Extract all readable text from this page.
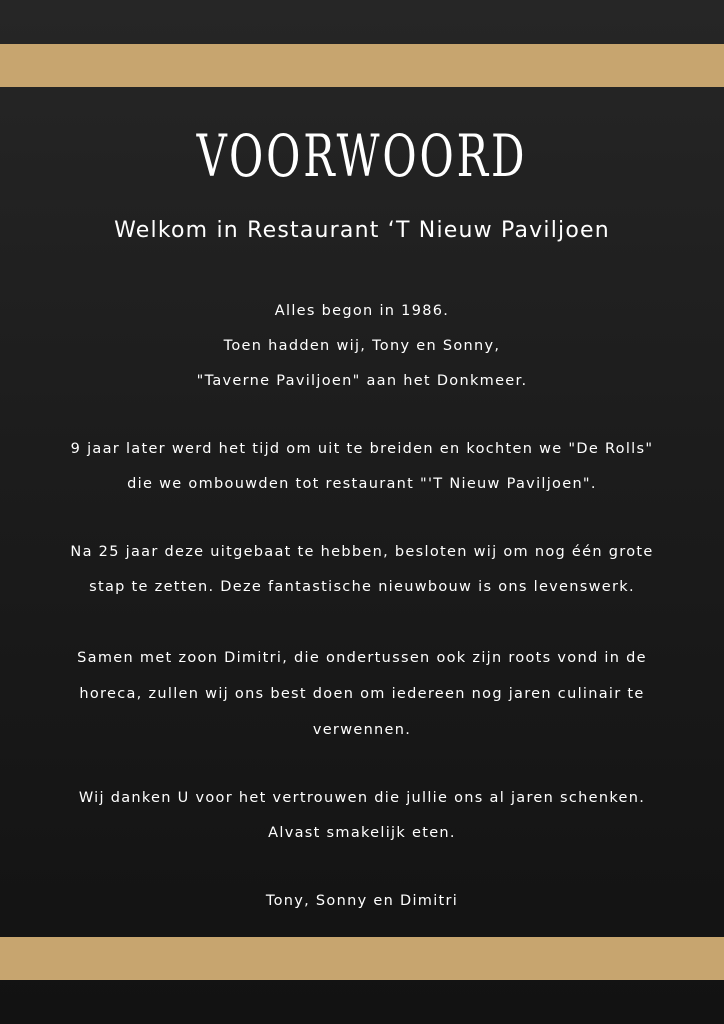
VOORWOORD
Welkom in Restaurant ‘T Nieuw Paviljoen

Alles begon in 1986.
Toen hadden wij, Tony en Sonny,
"Taverne Paviljoen" aan het Donkmeer.

9 jaar later werd het tijd om uit te breiden en kochten we "De Rolls"
die we ombouwden tot restaurant "'T Nieuw Paviljoen".

Na 25 jaar deze uitgebaat te hebben, besloten wij om nog één grote
stap te zetten. Deze fantastische nieuwbouw is ons levenswerk.

Samen met zoon Dimitri, die ondertussen ook zijn roots vond in de
horeca, zullen wij ons best doen om iedereen nog jaren culinair te
verwennen.

Wij danken U voor het vertrouwen die jullie ons al jaren schenken.
Alvast smakelijk eten.

Tony, Sonny en Dimitri
